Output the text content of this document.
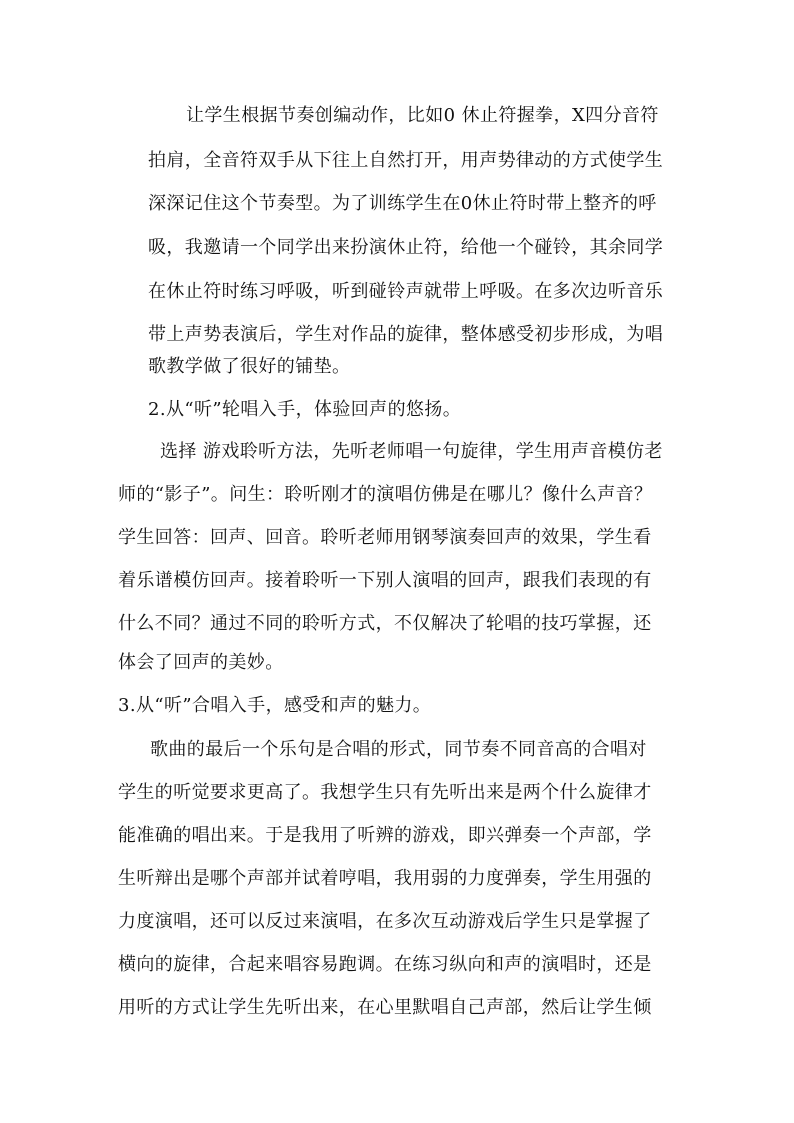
让学生根据节奏创编动作，比如0 休止符握拳，X四分音符
拍肩，全音符双手从下往上自然打开，用声势律动的方式使学生
深深记住这个节奏型。为了训练学生在0休止符时带上整齐的呼
吸，我邀请一个同学出来扮演休止符，给他一个碰铃，其余同学
在休止符时练习呼吸，听到碰铃声就带上呼吸。在多次边听音乐
带上声势表演后，学生对作品的旋律，整体感受初步形成，为唱
歌教学做了很好的铺垫。
2.从“听”轮唱入手，体验回声的悠扬。
选择 游戏聆听方法，先听老师唱一句旋律，学生用声音模仿老
师的“影子”。问生：聆听刚才的演唱仿佛是在哪儿？像什么声音？
学生回答：回声、回音。聆听老师用钢琴演奏回声的效果，学生看
着乐谱模仿回声。接着聆听一下别人演唱的回声，跟我们表现的有
什么不同？通过不同的聆听方式，不仅解决了轮唱的技巧掌握，还
体会了回声的美妙。
3.从“听”合唱入手，感受和声的魅力。
歌曲的最后一个乐句是合唱的形式，同节奏不同音高的合唱对
学生的听觉要求更高了。我想学生只有先听出来是两个什么旋律才
能准确的唱出来。于是我用了听辨的游戏，即兴弹奏一个声部，学
生听辩出是哪个声部并试着哼唱，我用弱的力度弹奏，学生用强的
力度演唱，还可以反过来演唱，在多次互动游戏后学生只是掌握了
横向的旋律，合起来唱容易跑调。在练习纵向和声的演唱时，还是
用听的方式让学生先听出来，在心里默唱自己声部，然后让学生倾
